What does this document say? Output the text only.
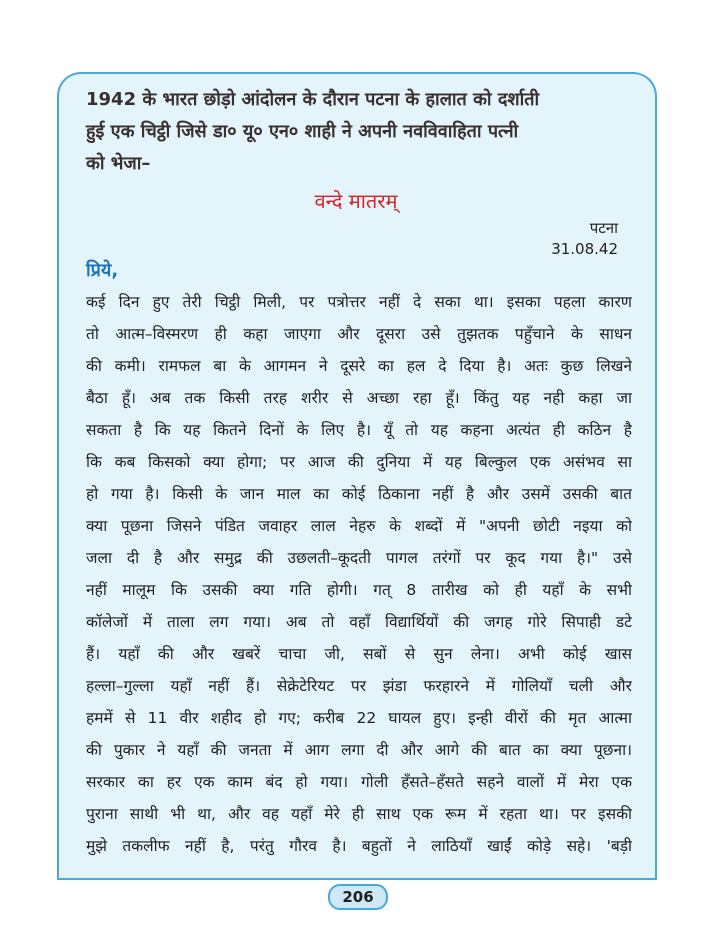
1942 के भारत छोड़ो आंदोलन के दौरान पटना के हालात को दर्शाती
हुई एक चिट्ठी जिसे डा० यू० एन० शाही ने अपनी नवविवाहिता पत्नी
को भेजा–

वन्दे मातरम्

पटना

31.08.42

प्रिये,

कई दिन हुए तेरी चिट्ठी मिली, पर पत्रोत्तर नहीं दे सका था। इसका पहला कारण

तो आत्म–विस्मरण ही कहा जाएगा और दूसरा उसे तुझतक पहुँचाने के साधन

की कमी। रामफल बा के आगमन ने दूसरे का हल दे दिया है। अतः कुछ लिखने

बैठा हूँ। अब तक किसी तरह शरीर से अच्छा रहा हूँ। किंतु यह नही कहा जा

सकता है कि यह कितने दिनों के लिए है। यूँ तो यह कहना अत्यंत ही कठिन है

कि कब किसको क्या होगा; पर आज की दुनिया में यह बिल्कुल एक असंभव सा

हो गया है। किसी के जान माल का कोई ठिकाना नहीं है और उसमें उसकी बात

क्या पूछना जिसने पंडित जवाहर लाल नेहरु के शब्दों में "अपनी छोटी नइया को

जला दी है और समुद्र की उछलती–कूदती पागल तरंगों पर कूद गया है।" उसे

नहीं मालूम कि उसकी क्या गति होगी। गत् 8 तारीख को ही यहाँ के सभी

कॉलेजों में ताला लग गया। अब तो वहाँ विद्यार्थियों की जगह गोरे सिपाही डटे

हैं। यहाँ की और खबरें चाचा जी, सबों से सुन लेना। अभी कोई खास

हल्ला–गुल्ला यहाँ नहीं हैं। सेक्रेटेरियट पर झंडा फरहारने में गोलियाँ चली और

हममें से 11 वीर शहीद हो गए; करीब 22 घायल हुए। इन्ही वीरों की मृत आत्मा

की पुकार ने यहाँ की जनता में आग लगा दी और आगे की बात का क्या पूछना।

सरकार का हर एक काम बंद हो गया। गोली हँसते–हँसते सहने वालों में मेरा एक

पुराना साथी भी था, और वह यहाँ मेरे ही साथ एक रूम में रहता था। पर इसकी

मुझे तकलीफ नहीं है, परंतु गौरव है। बहुतों ने लाठियाँ खाईं कोड़े सहे। 'बड़ी

206
